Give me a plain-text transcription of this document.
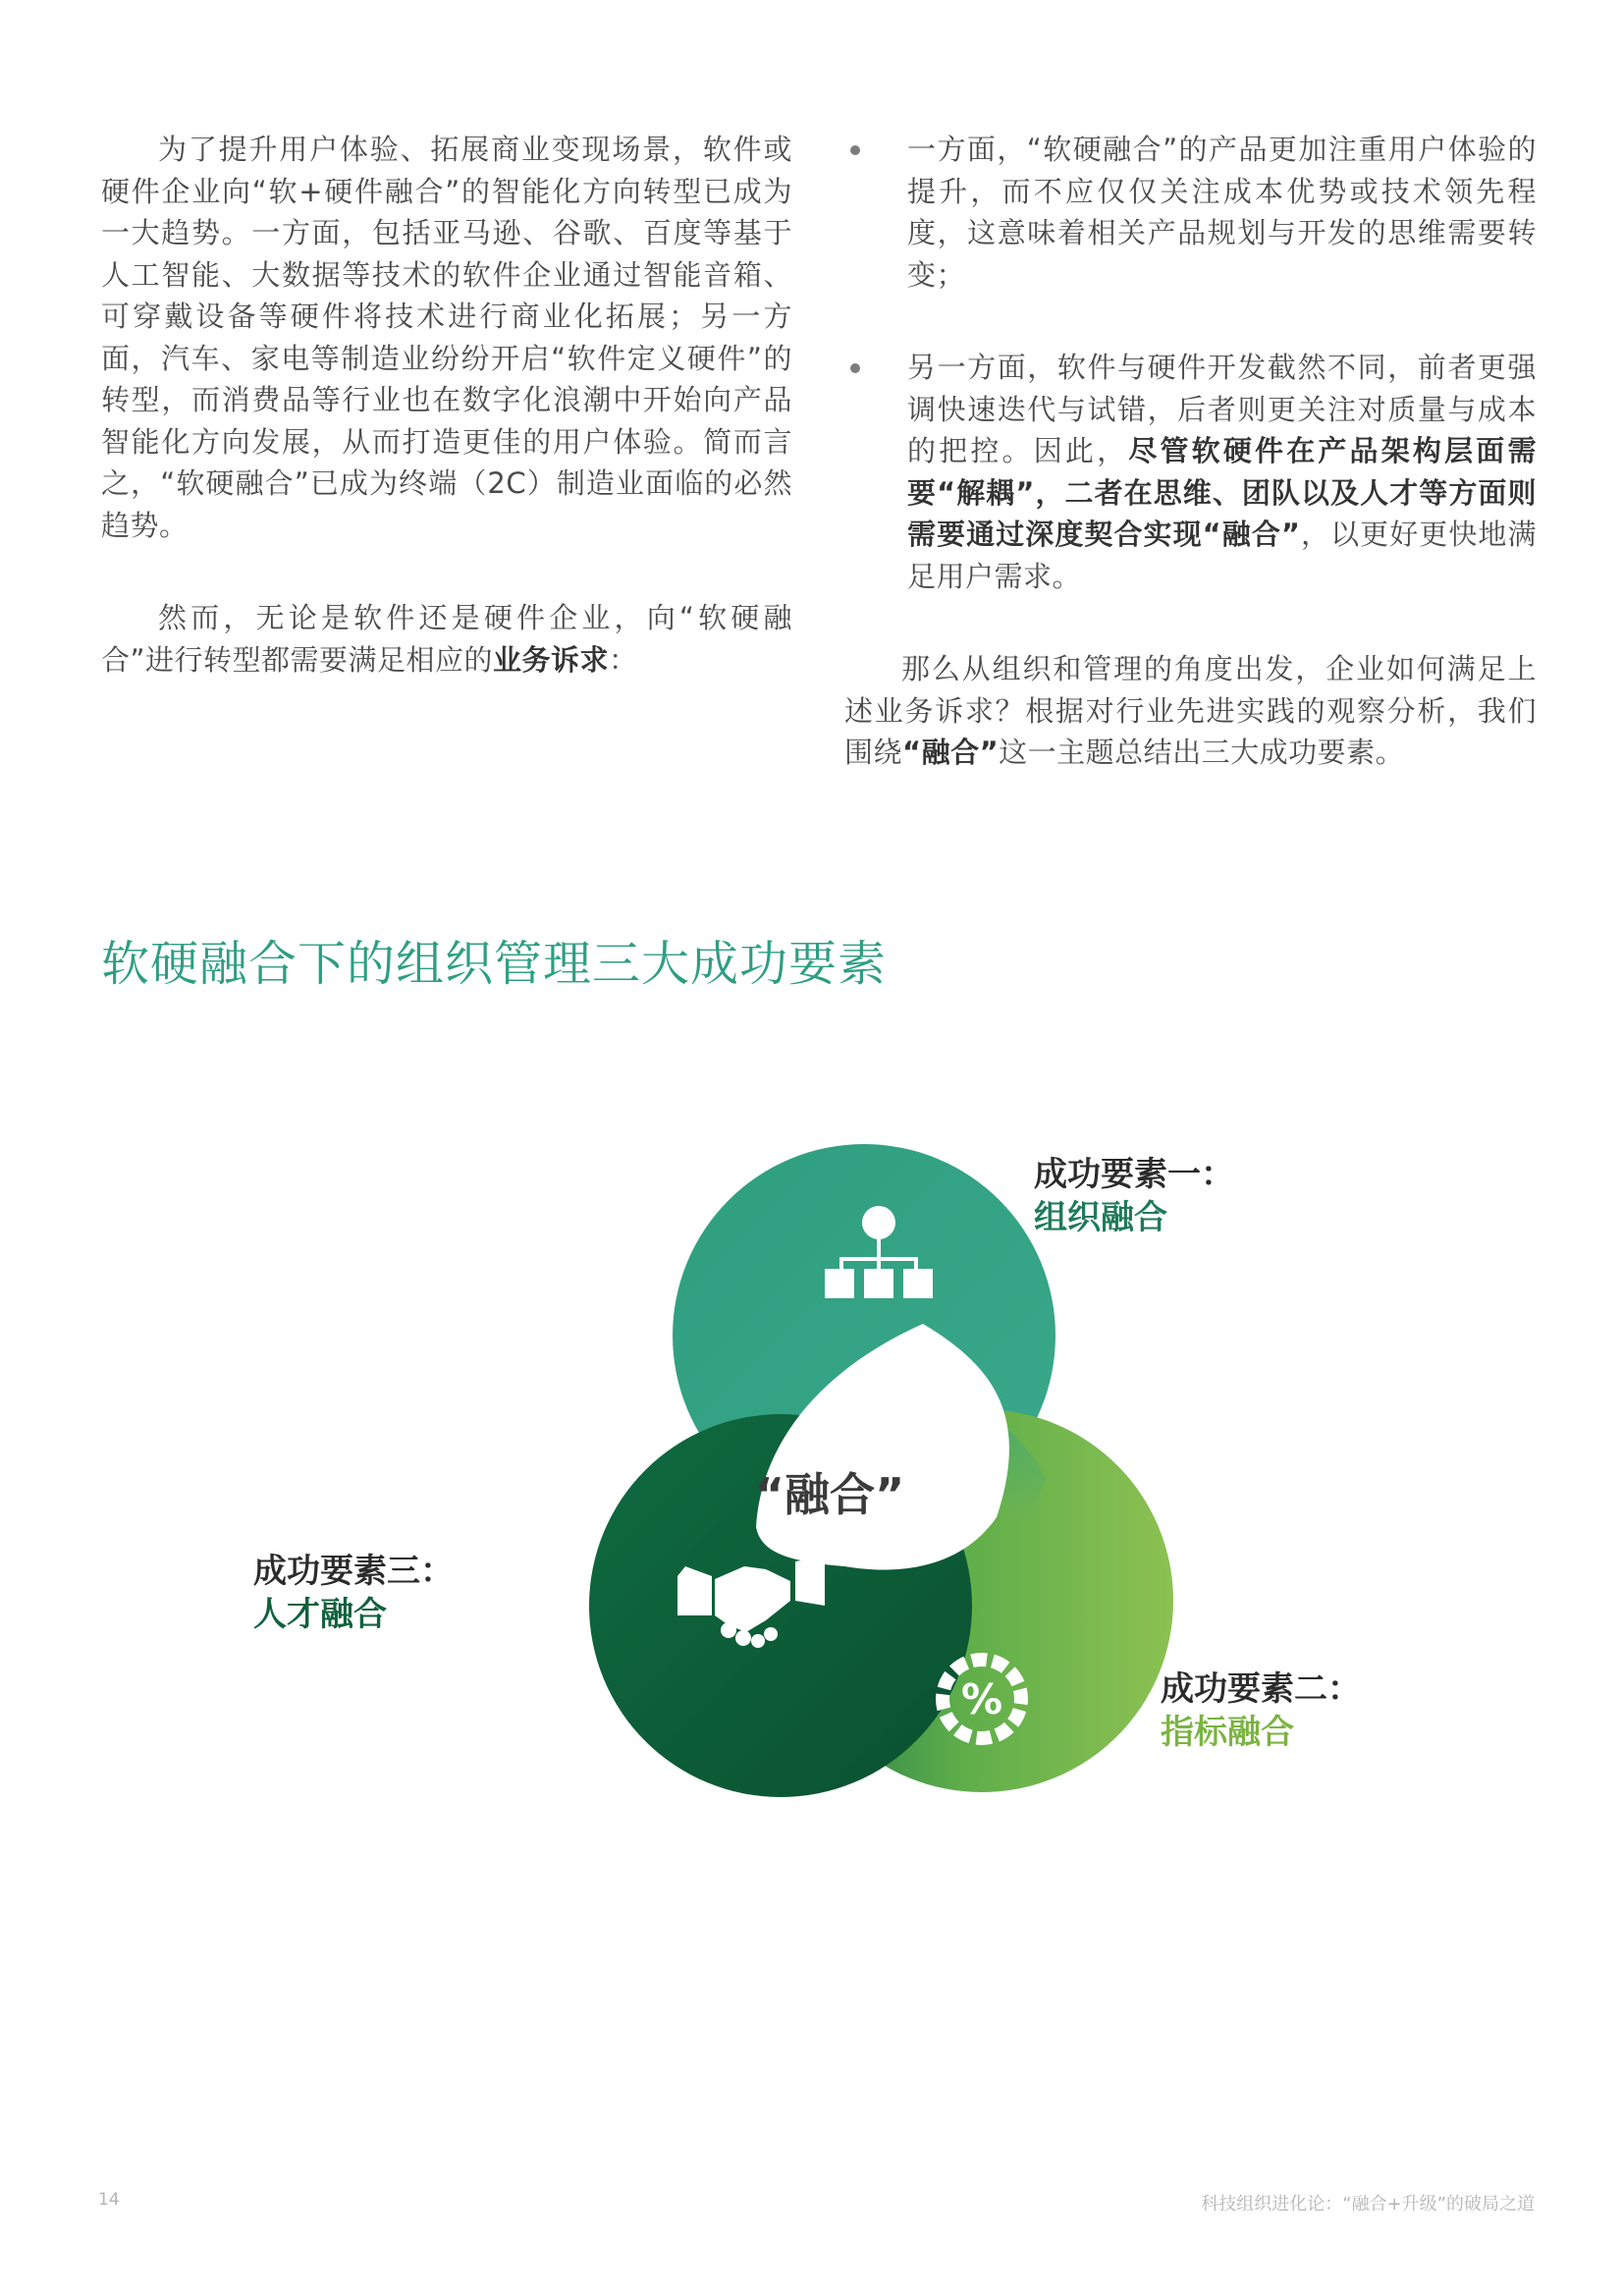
为了提升用户体验、拓展商业变现场景，软件或硬件企业向“软+硬件融合”的智能化方向转型已成为一大趋势。一方面，包括亚马逊、谷歌、百度等基于人工智能、大数据等技术的软件企业通过智能音箱、可穿戴设备等硬件将技术进行商业化拓展；另一方面，汽车、家电等制造业纷纷开启“软件定义硬件”的转型，而消费品等行业也在数字化浪潮中开始向产品智能化方向发展，从而打造更佳的用户体验。简而言之，“软硬融合”已成为终端（2C）制造业面临的必然趋势。

然而，无论是软件还是硬件企业，向“软硬融合”进行转型都需要满足相应的业务诉求：

一方面，“软硬融合”的产品更加注重用户体验的提升，而不应仅仅关注成本优势或技术领先程度，这意味着相关产品规划与开发的思维需要转变；

另一方面，软件与硬件开发截然不同，前者更强调快速迭代与试错，后者则更关注对质量与成本的把控。因此，尽管软硬件在产品架构层面需要“解耦”，二者在思维、团队以及人才等方面则需要通过深度契合实现“融合”，以更好更快地满足用户需求。

那么从组织和管理的角度出发，企业如何满足上述业务诉求？根据对行业先进实践的观察分析，我们围绕“融合”这一主题总结出三大成功要素。

软硬融合下的组织管理三大成功要素
%
“融合”
成功要素一：
组织融合
成功要素二：
指标融合
成功要素三：
人才融合
14	科技组织进化论：“融合+升级”的破局之道
